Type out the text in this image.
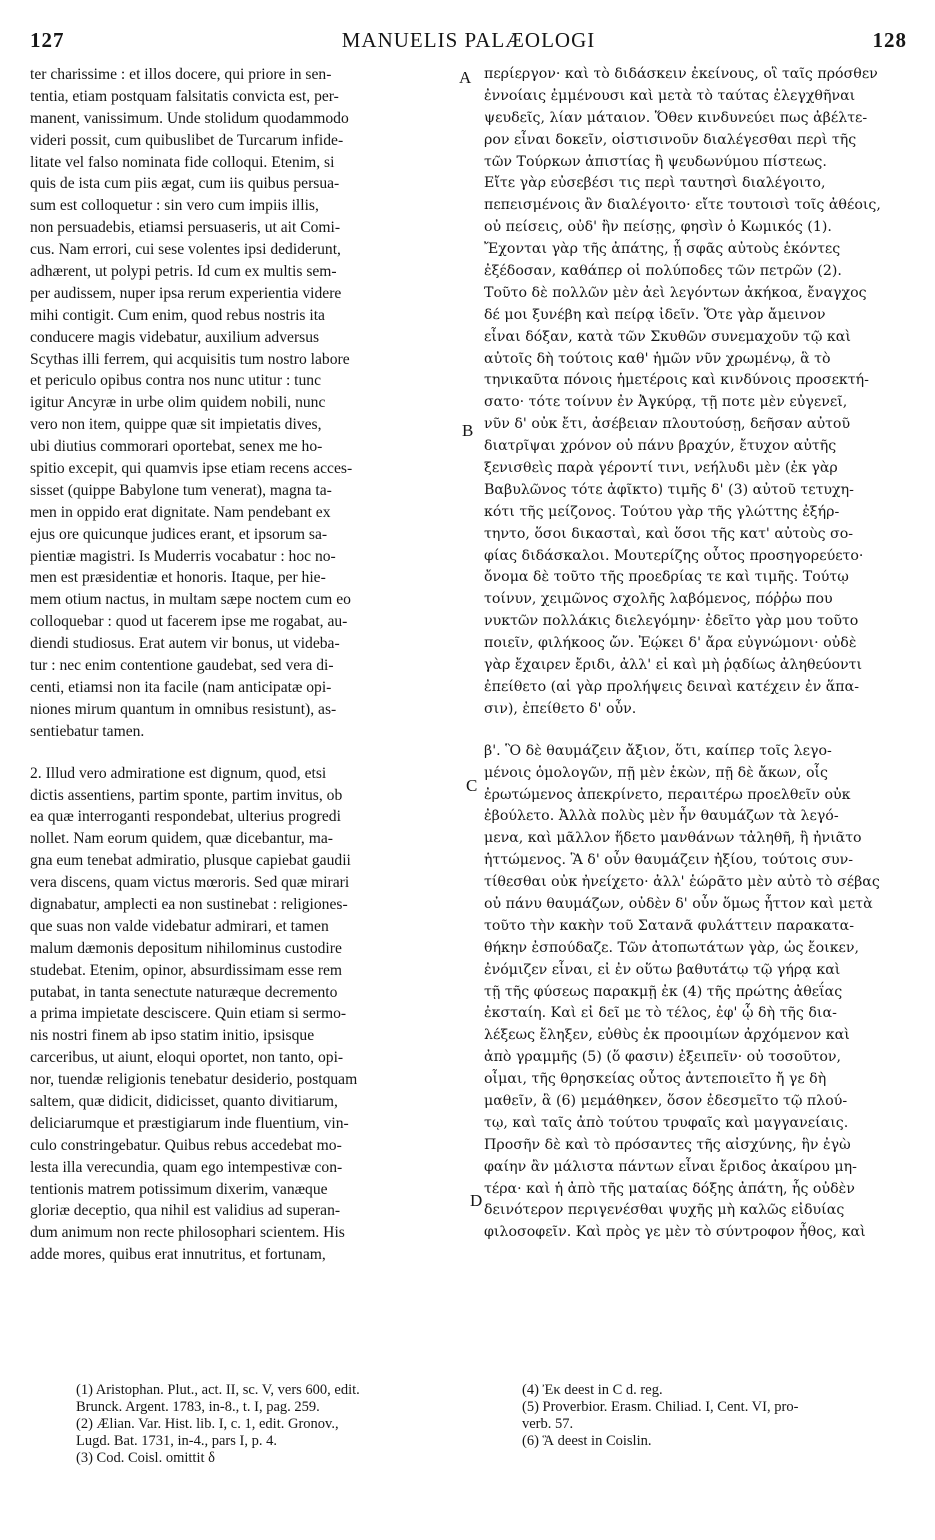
127	MANUELIS PALÆOLOGI	128
ter charissime : et illos docere, qui priore in sen-
tentia, etiam postquam falsitatis convicta est, per-
manent, vanissimum. Unde stolidum quodammodo
videri possit, cum quibuslibet de Turcarum infide-
litate vel falso nominata fide colloqui. Etenim, si
quis de ista cum piis ægat, cum iis quibus persua-
sum est colloquetur : sin vero cum impiis illis,
non persuadebis, etiamsi persuaseris, ut ait Comi-
cus. Nam errori, cui sese volentes ipsi dediderunt,
adhærent, ut polypi petris. Id cum ex multis sem-
per audissem, nuper ipsa rerum experientia videre
mihi contigit. Cum enim, quod rebus nostris ita
conducere magis videbatur, auxilium adversus
Scythas illi ferrem, qui acquisitis tum nostro labore
et periculo opibus contra nos nunc utitur : tunc
igitur Ancyræ in urbe olim quidem nobili, nunc
vero non item, quippe quæ sit impietatis dives,
ubi diutius commorari oportebat, senex me ho-
spitio excepit, qui quamvis ipse etiam recens acces-
sisset (quippe Babylone tum venerat), magna ta-
men in oppido erat dignitate. Nam pendebant ex
ejus ore quicunque judices erant, et ipsorum sa-
pientiæ magistri. Is Muderris vocabatur : hoc no-
men est præsidentiæ et honoris. Itaque, per hie-
mem otium nactus, in multam sæpe noctem cum eo
colloquebar : quod ut facerem ipse me rogabat, au-
diendi studiosus. Erat autem vir bonus, ut videba-
tur : nec enim contentione gaudebat, sed vera di-
centi, etiamsi non ita facile (nam anticipatæ opi-
niones mirum quantum in omnibus resistunt), as-
sentiebatur tamen.
2. Illud vero admiratione est dignum, quod, etsi
dictis assentiens, partim sponte, partim invitus, ob
ea quæ interroganti respondebat, ulterius progredi
nollet. Nam eorum quidem, quæ dicebantur, ma-
gna eum tenebat admiratio, plusque capiebat gaudii
vera discens, quam victus mœroris. Sed quæ mirari
dignabatur, amplecti ea non sustinebat : religiones-
que suas non valde videbatur admirari, et tamen
malum dæmonis depositum nihilominus custodire
studebat. Etenim, opinor, absurdissimam esse rem
putabat, in tanta senectute naturæque decremento
a prima impietate desciscere. Quin etiam si sermo-
nis nostri finem ab ipso statim initio, ipsisque
carceribus, ut aiunt, eloqui oportet, non tanto, opi-
nor, tuendæ religionis tenebatur desiderio, postquam
saltem, quæ didicit, didicisset, quanto divitiarum,
deliciarumque et præstigiarum inde fluentium, vin-
culo constringebatur. Quibus rebus accedebat mo-
lesta illa verecundia, quam ego intempestivæ con-
tentionis matrem potissimum dixerim, vanæque
gloriæ deceptio, qua nihil est validius ad superan-
dum animum non recte philosophari scientem. His
adde mores, quibus erat innutritus, et fortunam,
περίεργον· καὶ τὸ διδάσκειν ἐκείνους, οἳ ταῖς πρόσθεν
ἐννοίαις ἐμμένουσι καὶ μετὰ τὸ ταύτας ἐλεγχθῆναι
ψευδεῖς, λίαν μάταιον. Ὅθεν κινδυνεύει πως ἀβέλτε-
ρον εἶναι δοκεῖν, οἱστισινοῦν διαλέγεσθαι περὶ τῆς
τῶν Τούρκων ἀπιστίας ἢ ψευδωνύμου πίστεως.
Εἴτε γὰρ εὐσεβέσι τις περὶ ταυτησὶ διαλέγοιτο,
πεπεισμένοις ἂν διαλέγοιτο· εἴτε τουτοισὶ τοῖς ἀθέοις,
οὐ πείσεις, οὐδ' ἢν πείσῃς, φησὶν ὁ Κωμικός (1).
Ἔχονται γὰρ τῆς ἀπάτης, ᾗ σφᾶς αὐτοὺς ἑκόντες
ἐξέδοσαν, καθάπερ οἱ πολύποδες τῶν πετρῶν (2).
Τοῦτο δὲ πολλῶν μὲν ἀεὶ λεγόντων ἀκήκοα, ἔναγχος
δέ μοι ξυνέβη καὶ πείρᾳ ἰδεῖν. Ὅτε γὰρ ἄμεινον
εἶναι δόξαν, κατὰ τῶν Σκυθῶν συνεμαχοῦν τῷ καὶ
αὐτοῖς δὴ τούτοις καθ' ἡμῶν νῦν χρωμένῳ, ἃ τὸ
τηνικαῦτα πόνοις ἡμετέροις καὶ κινδύνοις προσεκτή-
σατο· τότε τοίνυν ἐν Ἀγκύρᾳ, τῇ ποτε μὲν εὐγενεῖ,
νῦν δ' οὐκ ἔτι, ἀσέβειαν πλουτούσῃ, δεῆσαν αὐτοῦ
διατρῖψαι χρόνον οὐ πάνυ βραχύν, ἔτυχον αὐτῆς
ξενισθεὶς παρὰ γέροντί τινι, νεήλυδι μὲν (ἐκ γὰρ
Βαβυλῶνος τότε ἀφῖκτο) τιμῆς δ' (3) αὐτοῦ τετυχη-
κότι τῆς μείζονος. Τούτου γὰρ τῆς γλώττης ἐξήρ-
τηντο, ὅσοι δικασταὶ, καὶ ὅσοι τῆς κατ' αὐτοὺς σο-
φίας διδάσκαλοι. Μουτερίζης οὗτος προσηγορεύετο·
ὄνομα δὲ τοῦτο τῆς προεδρίας τε καὶ τιμῆς. Τούτῳ
τοίνυν, χειμῶνος σχολῆς λαβόμενος, πόῤῥω που
νυκτῶν πολλάκις διελεγόμην· ἐδεῖτο γὰρ μου τοῦτο
ποιεῖν, φιλήκοος ὤν. Ἐῴκει δ' ἄρα εὐγνώμονι· οὐδὲ
γὰρ ἔχαιρεν ἔριδι, ἀλλ' εἰ καὶ μὴ ῥᾳδίως ἀληθεύοντι
ἐπείθετο (αἱ γὰρ προλήψεις δειναὶ κατέχειν ἐν ἅπα-
σιν), ἐπείθετο δ' οὖν.
β'. Ὃ δὲ θαυμάζειν ἄξιον, ὅτι, καίπερ τοῖς λεγο-
μένοις ὁμολογῶν, πῇ μὲν ἑκὼν, πῇ δὲ ἄκων, οἷς
ἐρωτώμενος ἀπεκρίνετο, περαιτέρω προελθεῖν οὐκ
ἐβούλετο. Ἀλλὰ πολὺς μὲν ἦν θαυμάζων τὰ λεγό-
μενα, καὶ μᾶλλον ἥδετο μανθάνων τἀληθῆ, ἢ ἠνιᾶτο
ἡττώμενος. Ἃ δ' οὖν θαυμάζειν ἠξίου, τούτοις συν-
τίθεσθαι οὐκ ἠνείχετο· ἀλλ' ἑώρᾶτο μὲν αὐτὸ τὸ σέβας
οὐ πάνυ θαυμάζων, οὐδὲν δ' οὖν ὅμως ἧττον καὶ μετὰ
τοῦτο τὴν κακὴν τοῦ Σατανᾶ φυλάττειν παρακατα-
θήκην ἐσπούδαζε. Τῶν ἀτοπωτάτων γὰρ, ὡς ἔοικεν,
ἐνόμιζεν εἶναι, εἰ ἐν οὕτω βαθυτάτῳ τῷ γήρᾳ καὶ
τῇ τῆς φύσεως παρακμῇ ἐκ (4) τῆς πρώτης ἀθεΐας
ἐκσταίη. Καὶ εἰ δεῖ με τὸ τέλος, ἐφ' ᾧ δὴ τῆς δια-
λέξεως ἔληξεν, εὐθὺς ἐκ προοιμίων ἀρχόμενον καὶ
ἀπὸ γραμμῆς (5) (ὅ φασιν) ἐξειπεῖν· οὐ τοσοῦτον,
οἶμαι, τῆς θρησκείας οὗτος ἀντεποιεῖτο ἤ γε δὴ
μαθεῖν, ἃ (6) μεμάθηκεν, ὅσον ἐδεσμεῖτο τῷ πλού-
τῳ, καὶ ταῖς ἀπὸ τούτου τρυφαῖς καὶ μαγγανείαις.
Προσῆν δὲ καὶ τὸ πρόσαντες τῆς αἰσχύνης, ἣν ἐγὼ
φαίην ἂν μάλιστα πάντων εἶναι ἔριδος ἀκαίρου μη-
τέρα· καὶ ἡ ἀπὸ τῆς ματαίας δόξης ἀπάτη, ἧς οὐδὲν
δεινότερον περιγενέσθαι ψυχῆς μὴ καλῶς εἰδυίας
φιλοσοφεῖν. Καὶ πρὸς γε μὲν τὸ σύντροφον ἦθος, καὶ
A
B
C
D
(1) Aristophan. Plut., act. II, sc. V, vers 600, edit.
Brunck. Argent. 1783, in-8., t. I, pag. 259.
(2) Ælian. Var. Hist. lib. I, c. 1, edit. Gronov.,
Lugd. Bat. 1731, in-4., pars I, p. 4.
(3) Cod. Coisl. omittit δ
(4) Ἐκ deest in C d. reg.
(5) Proverbior. Erasm. Chiliad. I, Cent. VI, pro-
verb. 57.
(6) Ἃ deest in Coislin.
